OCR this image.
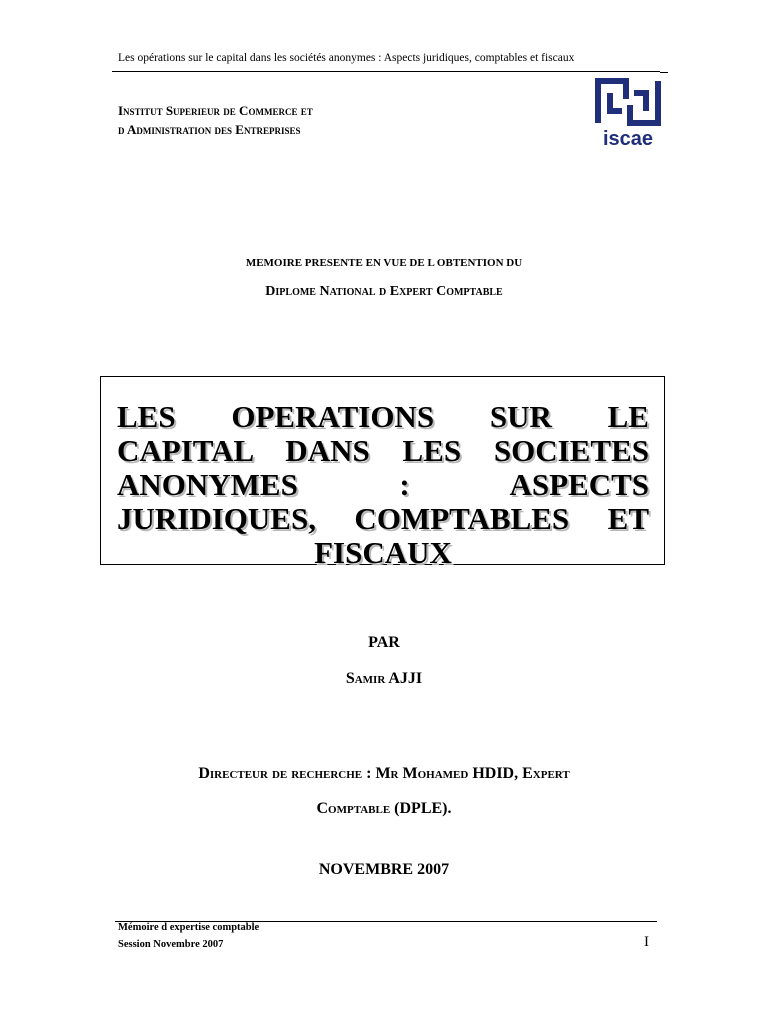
Les opérations sur le capital dans les sociétés anonymes : Aspects juridiques, comptables et fiscaux
Institut Superieur de Commerce et
d Administration des Entreprises	iscae
MEMOIRE PRESENTE EN VUE DE L OBTENTION DU
Diplome National d Expert Comptable
LES OPERATIONS SUR LE CAPITAL DANS LES SOCIETES ANONYMES : ASPECTS JURIDIQUES, COMPTABLES ET FISCAUX
PAR
Samir AJJI
Directeur de recherche : Mr Mohamed HDID, Expert
Comptable (DPLE).
NOVEMBRE 2007
Mémoire d expertise comptable
Session Novembre 2007	I
